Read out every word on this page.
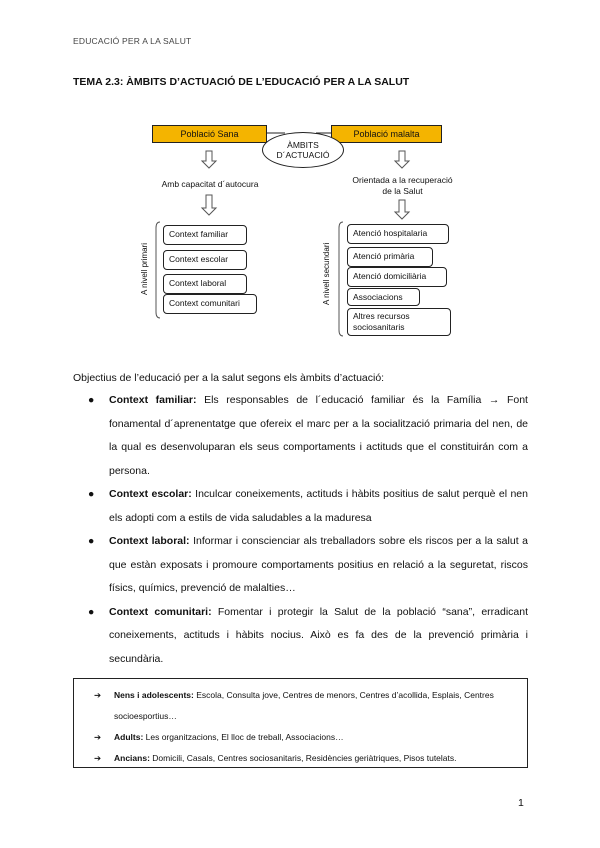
EDUCACIÓ PER A LA SALUT
TEMA 2.3: ÀMBITS D’ACTUACIÓ DE L’EDUCACIÓ PER A LA SALUT
Població Sana	Població malalta
ÀMBITS
D´ACTUACIÓ
Amb capacitat d´autocura	Orientada a la recuperació
de la Salut
A nivell primari	A nivell secundari
Context familiar
Context escolar
Context laboral
Context comunitari
Atenció hospitalaria
Atenció primària
Atenció domiciliària
Associacions
Altres recursos
sociosanitaris
Objectius de l’educació per a la salut segons els àmbits d’actuació:
● Context familiar: Els responsables de l´educació familiar és la Família → Font fonamental d´aprenentatge que ofereix el marc per a la socialització primaria del nen, de la qual es desenvoluparan els seus comportaments i actituds que el constituirán com a persona.
● Context escolar: Inculcar coneixements, actituds i hàbits positius de salut perquè el nen els adopti com a estils de vida saludables a la maduresa
● Context laboral: Informar i conscienciar als treballadors sobre els riscos per a la salut a que estàn exposats i promoure comportaments positius en relació a la seguretat, riscos físics, químics, prevenció de malalties…
● Context comunitari: Fomentar i protegir la Salut de la població “sana”, erradicant coneixements, actituds i hàbits nocius. Això es fa des de la prevenció primària i secundària.
➔ Nens i adolescents: Escola, Consulta jove, Centres de menors, Centres d’acollida, Esplais, Centres socioesportius…
➔ Adults: Les organitzacions, El lloc de treball, Associacions…
➔ Ancians: Domicili, Casals, Centres sociosanitaris, Residències geriàtriques, Pisos tutelats.
1
